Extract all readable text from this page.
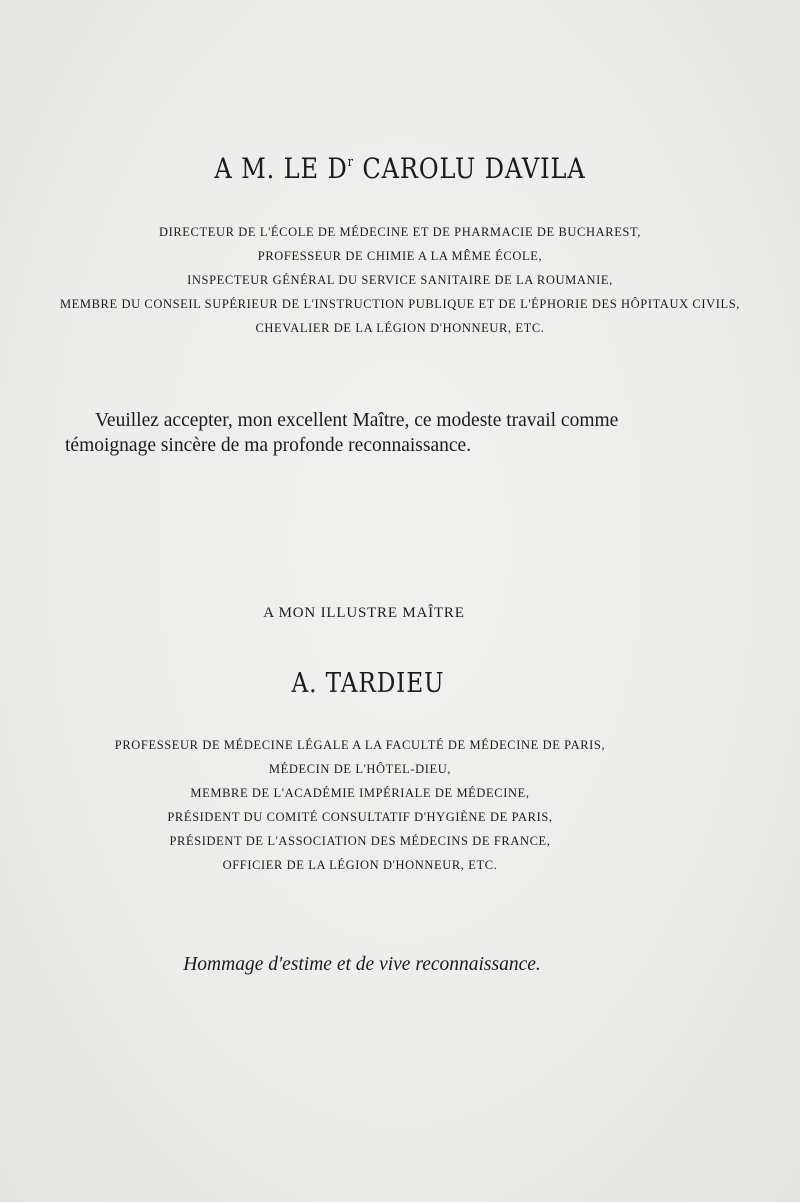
A M. LE $D^r$ CAROLU DAVILA
DIRECTEUR DE L'ÉCOLE DE MÉDECINE ET DE PHARMACIE DE BUCHAREST,
PROFESSEUR DE CHIMIE A LA MÊME ÉCOLE,
INSPECTEUR GÉNÉRAL DU SERVICE SANITAIRE DE LA ROUMANIE,
MEMBRE DU CONSEIL SUPÉRIEUR DE L'INSTRUCTION PUBLIQUE ET DE L'ÉPHORIE DES HÔPITAUX CIVILS,
CHEVALIER DE LA LÉGION D'HONNEUR, ETC.
Veuillez accepter, mon excellent Maître, ce modeste travail comme
témoignage sincère de ma profonde reconnaissance.
A MON ILLUSTRE MAÎTRE
A. TARDIEU
PROFESSEUR DE MÉDECINE LÉGALE A LA FACULTÉ DE MÉDECINE DE PARIS,
MÉDECIN DE L'HÔTEL-DIEU,
MEMBRE DE L'ACADÉMIE IMPÉRIALE DE MÉDECINE,
PRÉSIDENT DU COMITÉ CONSULTATIF D'HYGIÈNE DE PARIS,
PRÉSIDENT DE L'ASSOCIATION DES MÉDECINS DE FRANCE,
OFFICIER DE LA LÉGION D'HONNEUR, ETC.
Hommage d'estime et de vive reconnaissance.
